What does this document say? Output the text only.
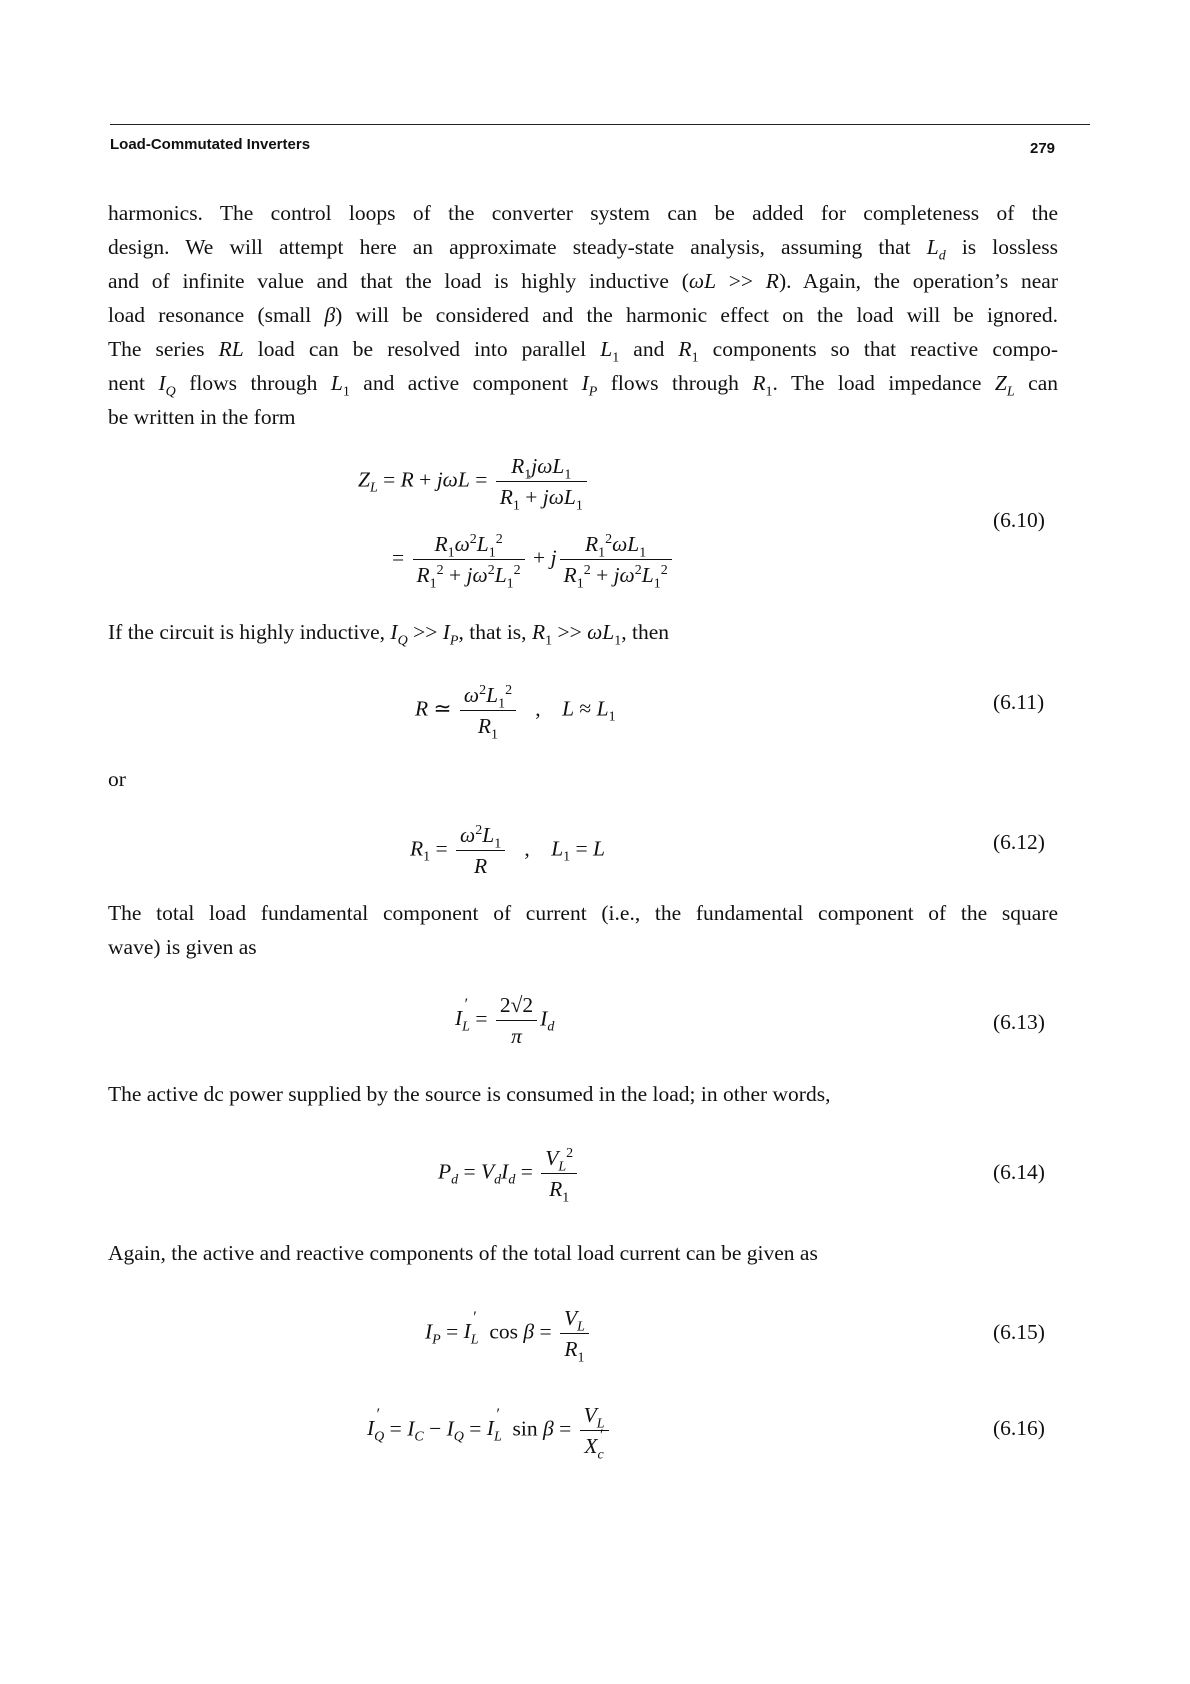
Load-Commutated Inverters	279
harmonics. The control loops of the converter system can be added for completeness of the
design. We will attempt here an approximate steady-state analysis, assuming that $L_d$ is lossless
and of infinite value and that the load is highly inductive (ωL >> R). Again, the operation’s near
load resonance (small β) will be considered and the harmonic effect on the load will be ignored.
The series RL load can be resolved into parallel $L_1$ and $R_1$ components so that reactive compo-
nent $I_Q$ flows through $L_1$ and active component $I_P$ flows through $R_1$. The load impedance $Z_L$ can
be written in the form
$Z_L = R + j\omega L = \frac{R_1j\omega L_1}{R_1 + j\omega L_1}$
= $\frac{R_1\omega^2L_1^2}{R_1^2 + j\omega^2L_1^2} + j \frac{R_1^2\omega L_1}{R_1^2 + j\omega^2L_1^2}$
(6.10)
If the circuit is highly inductive, $I_Q >> I_P$, that is, $R_1 >> \omega L_1$, then
R ≃ $\frac{\omega^2L_1^2}{R_1}$ ,    $L \approx L_1$
(6.11)
or
$R_1 = \frac{\omega^2L_1}{R}$ ,    $L_1 = L$	(6.12)
The total load fundamental component of current (i.e., the fundamental component of the square
wave) is given as
I $'_L = \frac{2√2}{\pi} I_d$	(6.13)
The active dc power supplied by the source is consumed in the load; in other words,
$P_d = V_dI_d = \frac{V_L^2}{R_1}$	(6.14)
Again, the active and reactive components of the total load current can be given as
$I_P = I$ $'_L$  $\cos \beta = \frac{V_L}{R_1}$	(6.15)
I $'_Q = I_C - I_Q = I$ $'_L$  $\sin \beta = \frac{V_L}{X '_c}$	(6.16)
